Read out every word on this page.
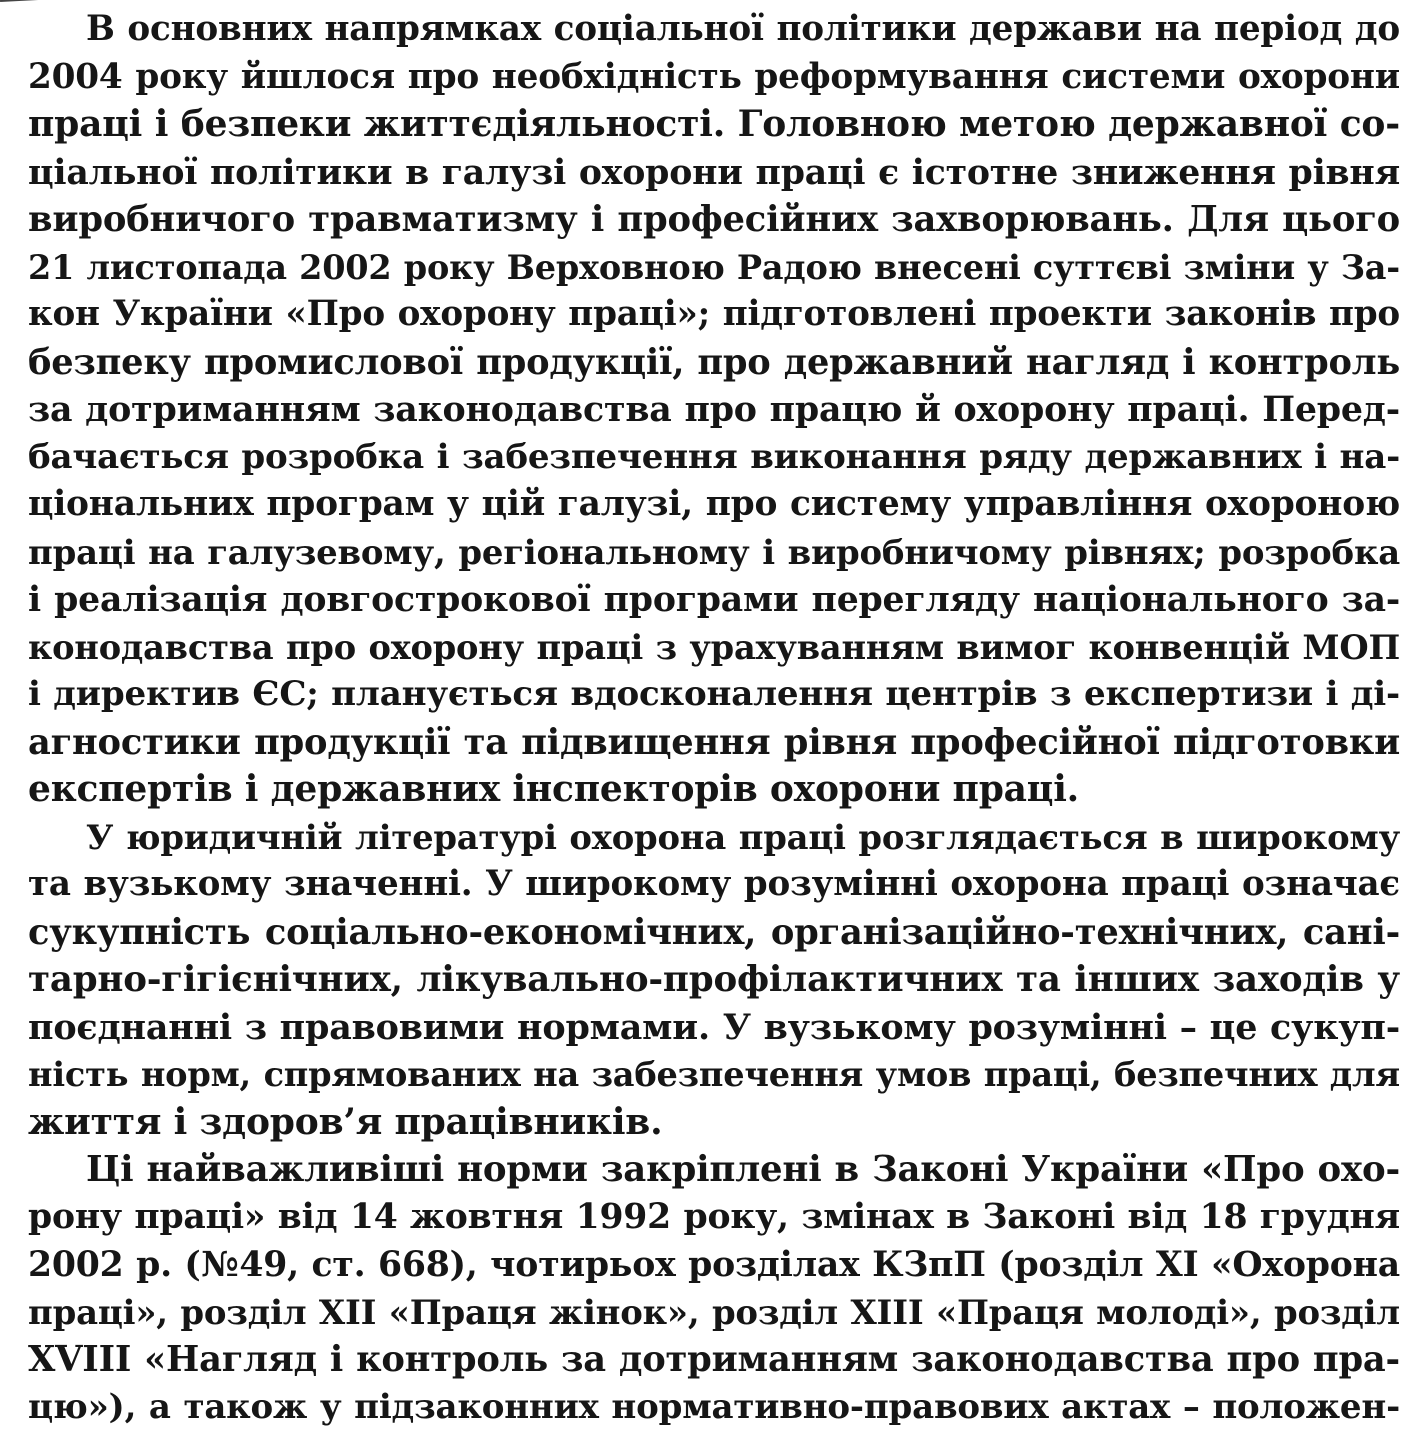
В основних напрямках соціальної політики держави на період до
2004 року йшлося про необхідність реформування системи охорони
праці і безпеки життєдіяльності. Головною метою державної со-
ціальної політики в галузі охорони праці є істотне зниження рівня
виробничого травматизму і професійних захворювань. Для цього
21 листопада 2002 року Верховною Радою внесені суттєві зміни у За-
кон України «Про охорону праці»; підготовлені проекти законів про
безпеку промислової продукції, про державний нагляд і контроль
за дотриманням законодавства про працю й охорону праці. Перед-
бачається розробка і забезпечення виконання ряду державних і на-
ціональних програм у цій галузі, про систему управління охороною
праці на галузевому, регіональному і виробничому рівнях; розробка
і реалізація довгострокової програми перегляду національного за-
конодавства про охорону праці з урахуванням вимог конвенцій МОП
і директив ЄС; планується вдосконалення центрів з експертизи і ді-
агностики продукції та підвищення рівня професійної підготовки
експертів і державних інспекторів охорони праці.

У юридичній літературі охорона праці розглядається в широкому
та вузькому значенні. У широкому розумінні охорона праці означає
сукупність соціально-економічних, організаційно-технічних, сані-
тарно-гігієнічних, лікувально-профілактичних та інших заходів у
поєднанні з правовими нормами. У вузькому розумінні – це сукуп-
ність норм, спрямованих на забезпечення умов праці, безпечних для
життя і здоров’я працівників.

Ці найважливіші норми закріплені в Законі України «Про охо-
рону праці» від 14 жовтня 1992 року, змінах в Законі від 18 грудня
2002 р. (№49, ст. 668), чотирьох розділах КЗпП (розділ XI «Охорона
праці», розділ XII «Праця жінок», розділ XIII «Праця молоді», розділ
XVIII «Нагляд і контроль за дотриманням законодавства про пра-
цю»), а також у підзаконних нормативно-правових актах – положен-
